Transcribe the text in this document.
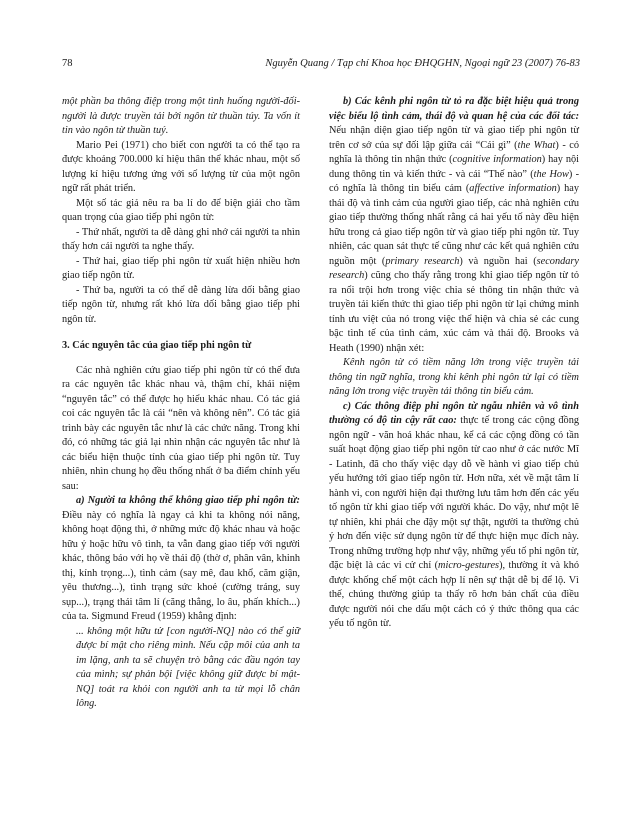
78	Nguyễn Quang / Tạp chí Khoa học ĐHQGHN, Ngoại ngữ 23 (2007) 76-83

một phần ba thông điệp trong một tình huống người-đối-người là được truyền tải bởi ngôn từ thuần túy. Ta vốn ít tin vào ngôn từ thuần tuý.

Mario Pei (1971) cho biết con người ta có thể tạo ra được khoảng 700.000 kí hiệu thân thể khác nhau, một số lượng kí hiệu tương ứng với số lượng từ của một ngôn ngữ rất phát triển.

Một số tác giả nêu ra ba lí do để biện giải cho tầm quan trọng của giao tiếp phi ngôn từ:

- Thứ nhất, người ta dễ dàng ghi nhớ cái người ta nhìn thấy hơn cái người ta nghe thấy.

- Thứ hai, giao tiếp phi ngôn từ xuất hiện nhiều hơn giao tiếp ngôn từ.

- Thứ ba, người ta có thể dễ dàng lừa dối bằng giao tiếp ngôn từ, nhưng rất khó lừa dối bằng giao tiếp phi ngôn từ.

3. Các nguyên tắc của giao tiếp phi ngôn từ

Các nhà nghiên cứu giao tiếp phi ngôn từ có thể đưa ra các nguyên tắc khác nhau và, thậm chí, khái niệm “nguyên tắc” có thể được họ hiểu khác nhau. Có tác giả coi các nguyên tắc là cái “nên và không nên”. Có tác giả trình bày các nguyên tắc như là các chức năng. Trong khi đó, có những tác giả lại nhìn nhận các nguyên tắc như là các biểu hiện thuộc tính của giao tiếp phi ngôn từ. Tuy nhiên, nhìn chung họ đều thống nhất ở ba điểm chính yếu sau:

a) Người ta không thể không giao tiếp phi ngôn từ: Điều này có nghĩa là ngay cả khi ta không nói năng, không hoạt động thì, ở những mức độ khác nhau và hoặc hữu ý hoặc hữu vô tình, ta vẫn đang giao tiếp với người khác, thông báo với họ về thái độ (thờ ơ, phân vân, khinh thị, kính trọng...), tình cảm (say mê, đau khổ, căm giận, yêu thương...), tình trạng sức khoẻ (cường tráng, suy sụp...), trạng thái tâm lí (căng thẳng, lo âu, phấn khích...) của ta. Sigmund Freud (1959) khẳng định:

... không một hữu tử [con người-NQ] nào có thể giữ được bí mật cho riêng mình. Nếu cặp môi của anh ta im lặng, anh ta sẽ chuyện trò bằng các đầu ngón tay của mình; sự phản bội [việc không giữ được bí mật-NQ] toát ra khỏi con người anh ta từ mọi lỗ chân lông.

b) Các kênh phi ngôn từ tỏ ra đặc biệt hiệu quả trong việc biểu lộ tình cảm, thái độ và quan hệ của các đối tác: Nếu nhận diện giao tiếp ngôn từ và giao tiếp phi ngôn từ trên cơ sở của sự đối lập giữa cái “Cái gì” (the What) - có nghĩa là thông tin nhận thức (cognitive information) hay nội dung thông tin và kiến thức - và cái “Thế nào” (the How) - có nghĩa là thông tin biểu cảm (affective information) hay thái độ và tình cảm của người giao tiếp, các nhà nghiên cứu giao tiếp thường thống nhất rằng cả hai yếu tố này đều hiện hữu trong cả giao tiếp ngôn từ và giao tiếp phi ngôn từ. Tuy nhiên, các quan sát thực tế cũng như các kết quả nghiên cứu nguồn một (primary research) và nguồn hai (secondary research) cũng cho thấy rằng trong khi giao tiếp ngôn từ tỏ ra nổi trội hơn trong việc chia sẻ thông tin nhận thức và truyền tải kiến thức thì giao tiếp phi ngôn từ lại chứng minh tính ưu việt của nó trong việc thể hiện và chia sẻ các cung bậc tình tế của tình cảm, xúc cảm và thái độ. Brooks và Heath (1990) nhận xét:

Kênh ngôn từ có tiềm năng lớn trong việc truyền tải thông tin ngữ nghĩa, trong khi kênh phi ngôn từ lại có tiềm năng lớn trong việc truyền tải thông tin biểu cảm.

c) Các thông điệp phi ngôn từ ngẫu nhiên và vô tình thường có độ tin cậy rất cao: thực tế trong các cộng đồng ngôn ngữ - văn hoá khác nhau, kể cả các cộng đồng có tần suất hoạt động giao tiếp phi ngôn từ cao như ở các nước Mĩ - Latinh, đã cho thấy việc dạy dỗ về hành vi giao tiếp chủ yếu hướng tới giao tiếp ngôn từ. Hơn nữa, xét về mặt tâm lí hành vi, con người hiện đại thường lưu tâm hơn đến các yếu tố ngôn từ khi giao tiếp với người khác. Do vậy, như một lẽ tự nhiên, khi phải che đậy một sự thật, người ta thường chủ ý hơn đến việc sử dụng ngôn từ để thực hiện mục đích này. Trong những trường hợp như vậy, những yếu tố phi ngôn từ, đặc biệt là các vi cử chỉ (micro-gestures), thường ít và khó được khống chế một cách hợp lí nên sự thật dễ bị để lộ. Vì thế, chúng thường giúp ta thấy rõ hơn bản chất của điều được người nói che dấu một cách có ý thức thông qua các yếu tố ngôn từ.
